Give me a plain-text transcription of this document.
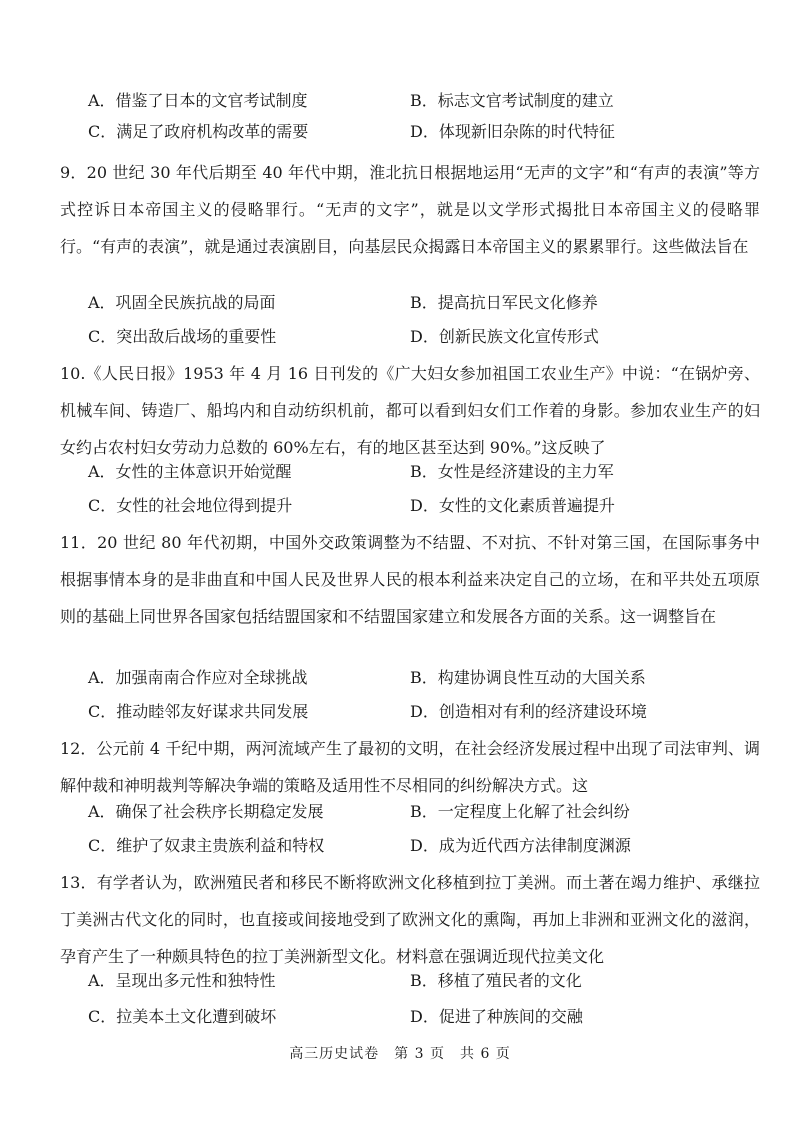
A．借鉴了日本的文官考试制度	B．标志文官考试制度的建立
C．满足了政府机构改革的需要	D．体现新旧杂陈的时代特征
9．20 世纪 30 年代后期至 40 年代中期，淮北抗日根据地运用“无声的文字”和“有声的表演”等方式控诉日本帝国主义的侵略罪行。“无声的文字”，就是以文学形式揭批日本帝国主义的侵略罪行。“有声的表演”，就是通过表演剧目，向基层民众揭露日本帝国主义的累累罪行。这些做法旨在
A．巩固全民族抗战的局面	B．提高抗日军民文化修养
C．突出敌后战场的重要性	D．创新民族文化宣传形式
10.《人民日报》1953 年 4 月 16 日刊发的《广大妇女参加祖国工农业生产》中说：“在锅炉旁、机械车间、铸造厂、船坞内和自动纺织机前，都可以看到妇女们工作着的身影。参加农业生产的妇女约占农村妇女劳动力总数的 60%左右，有的地区甚至达到 90%。”这反映了
A．女性的主体意识开始觉醒	B．女性是经济建设的主力军
C．女性的社会地位得到提升	D．女性的文化素质普遍提升
11．20 世纪 80 年代初期，中国外交政策调整为不结盟、不对抗、不针对第三国，在国际事务中根据事情本身的是非曲直和中国人民及世界人民的根本利益来决定自己的立场，在和平共处五项原则的基础上同世界各国家包括结盟国家和不结盟国家建立和发展各方面的关系。这一调整旨在
A．加强南南合作应对全球挑战	B．构建协调良性互动的大国关系
C．推动睦邻友好谋求共同发展	D．创造相对有利的经济建设环境
12．公元前 4 千纪中期，两河流域产生了最初的文明，在社会经济发展过程中出现了司法审判、调解仲裁和神明裁判等解决争端的策略及适用性不尽相同的纠纷解决方式。这
A．确保了社会秩序长期稳定发展	B．一定程度上化解了社会纠纷
C．维护了奴隶主贵族利益和特权	D．成为近代西方法律制度渊源
13．有学者认为，欧洲殖民者和移民不断将欧洲文化移植到拉丁美洲。而土著在竭力维护、承继拉丁美洲古代文化的同时，也直接或间接地受到了欧洲文化的熏陶，再加上非洲和亚洲文化的滋润，孕育产生了一种颇具特色的拉丁美洲新型文化。材料意在强调近现代拉美文化
A．呈现出多元性和独特性	B．移植了殖民者的文化
C．拉美本土文化遭到破坏	D．促进了种族间的交融
高三历史试卷　第 3 页　共 6 页
